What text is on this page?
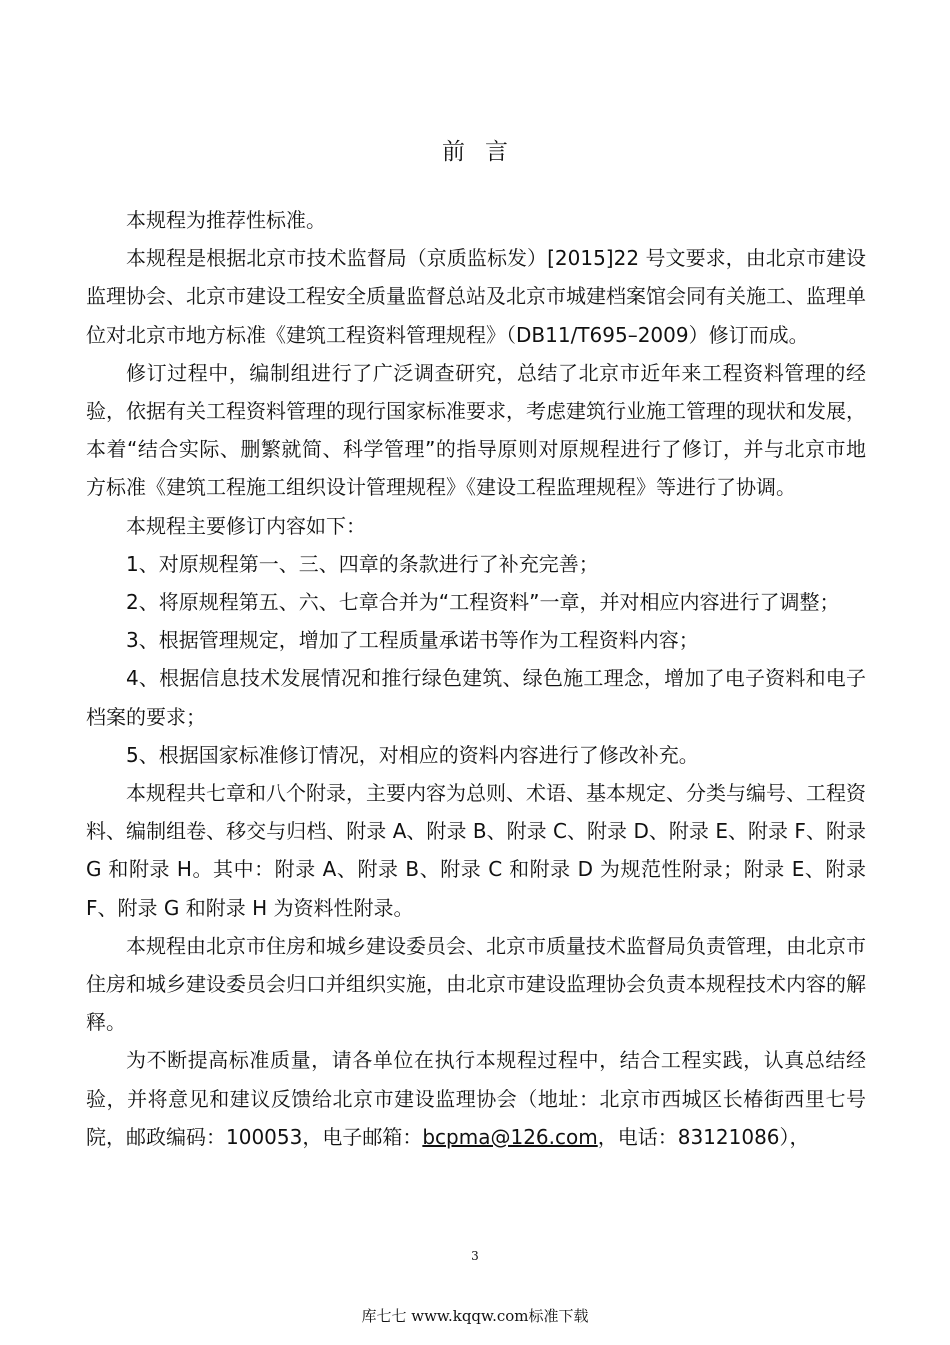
前言

本规程为推荐性标准。

本规程是根据北京市技术监督局（京质监标发）[2015]22 号文要求，由北京市建设监理协会、北京市建设工程安全质量监督总站及北京市城建档案馆会同有关施工、监理单位对北京市地方标准《建筑工程资料管理规程》（DB11/T695–2009）修订而成。

修订过程中，编制组进行了广泛调查研究，总结了北京市近年来工程资料管理的经验，依据有关工程资料管理的现行国家标准要求，考虑建筑行业施工管理的现状和发展，本着“结合实际、删繁就简、科学管理”的指导原则对原规程进行了修订，并与北京市地方标准《建筑工程施工组织设计管理规程》《建设工程监理规程》等进行了协调。

本规程主要修订内容如下：

1、对原规程第一、三、四章的条款进行了补充完善；

2、将原规程第五、六、七章合并为“工程资料”一章，并对相应内容进行了调整；

3、根据管理规定，增加了工程质量承诺书等作为工程资料内容；

4、根据信息技术发展情况和推行绿色建筑、绿色施工理念，增加了电子资料和电子档案的要求；

5、根据国家标准修订情况，对相应的资料内容进行了修改补充。

本规程共七章和八个附录，主要内容为总则、术语、基本规定、分类与编号、工程资料、编制组卷、移交与归档、附录 A、附录 B、附录 C、附录 D、附录 E、附录 F、附录 G 和附录 H。其中：附录 A、附录 B、附录 C 和附录 D 为规范性附录；附录 E、附录 F、附录 G 和附录 H 为资料性附录。

本规程由北京市住房和城乡建设委员会、北京市质量技术监督局负责管理，由北京市住房和城乡建设委员会归口并组织实施，由北京市建设监理协会负责本规程技术内容的解释。

为不断提高标准质量，请各单位在执行本规程过程中，结合工程实践，认真总结经验，并将意见和建议反馈给北京市建设监理协会（地址：北京市西城区长椿街西里七号院，邮政编码：100053，电子邮箱：bcpma@126.com，电话：83121086），

3
库七七 www.kqqw.com标准下载
